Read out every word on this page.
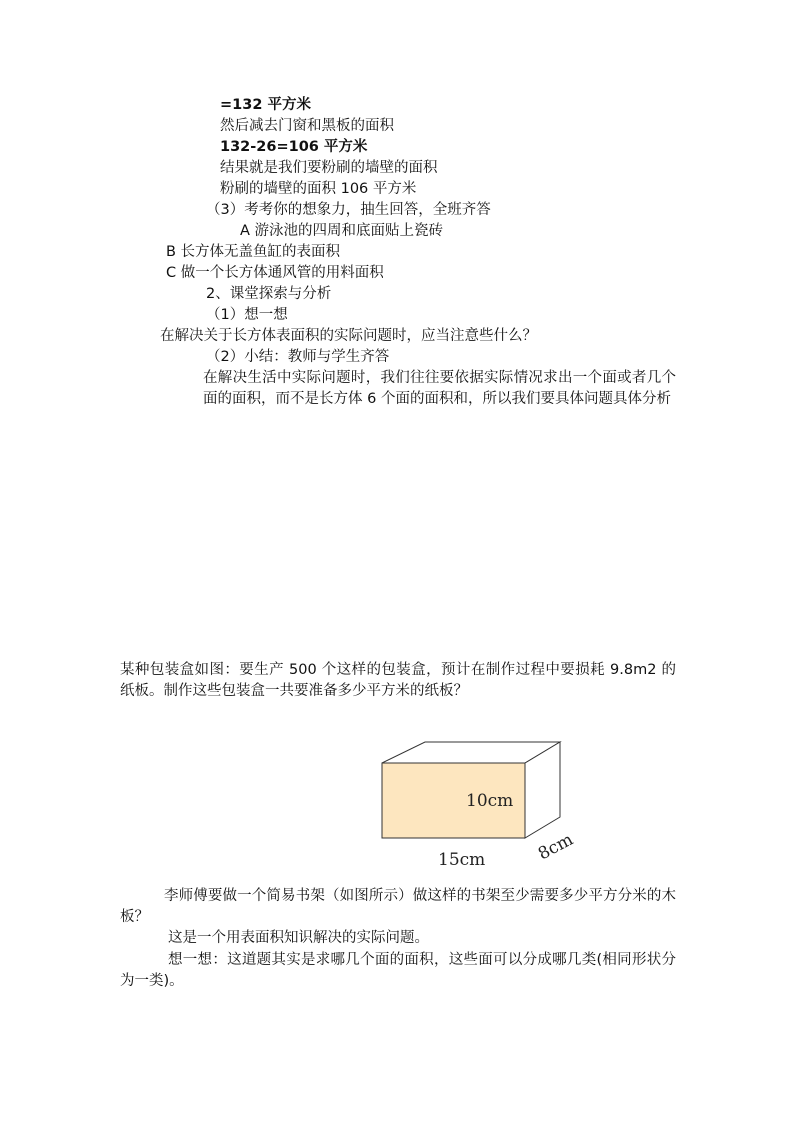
=132 平方米
然后减去门窗和黑板的面积
132-26=106 平方米
结果就是我们要粉刷的墙壁的面积
粉刷的墙壁的面积 106 平方米
（3）考考你的想象力，抽生回答，全班齐答
A 游泳池的四周和底面贴上瓷砖
B 长方体无盖鱼缸的表面积
C 做一个长方体通风管的用料面积
2、课堂探索与分析
（1）想一想
在解决关于长方体表面积的实际问题时，应当注意些什么？
（2）小结：教师与学生齐答
在解决生活中实际问题时，我们往往要依据实际情况求出一个面或者几个面的面积，而不是长方体 6 个面的面积和，所以我们要具体问题具体分析
某种包装盒如图：要生产 500 个这样的包装盒，预计在制作过程中要损耗 9.8m2 的纸板。制作这些包装盒一共要准备多少平方米的纸板？
10cm
15cm	8cm
李师傅要做一个简易书架（如图所示）做这样的书架至少需要多少平方分米的木板？
这是一个用表面积知识解决的实际问题。
想一想：这道题其实是求哪几个面的面积，这些面可以分成哪几类(相同形状分为一类)。
